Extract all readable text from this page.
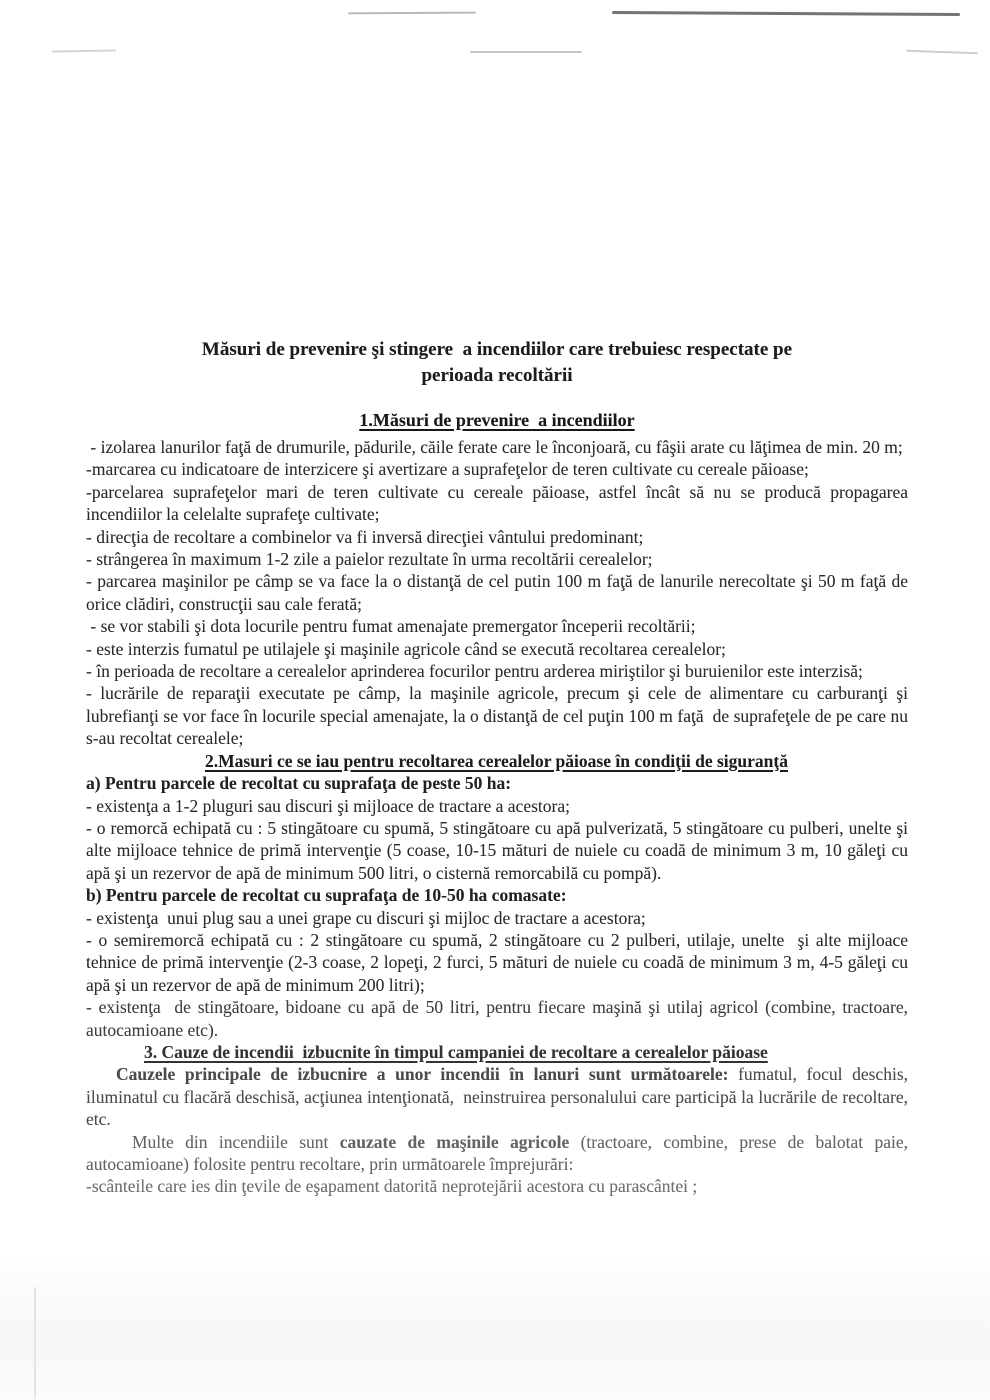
Măsuri de prevenire şi stingere  a incendiilor care trebuiesc respectate pe
perioada recoltării
1.Măsuri de prevenire  a incendiilor

- izolarea lanurilor faţă de drumurile, pădurile, căile ferate care le înconjoară, cu fâşii arate cu lăţimea de min. 20 m;

-marcarea cu indicatoare de interzicere şi avertizare a suprafeţelor de teren cultivate cu cereale păioase;

-parcelarea suprafeţelor mari de teren cultivate cu cereale păioase, astfel încât să nu se producă propagarea incendiilor la celelalte suprafeţe cultivate;

- direcţia de recoltare a combinelor va fi inversă direcţiei vântului predominant;

- strângerea în maximum 1-2 zile a paielor rezultate în urma recoltării cerealelor;

- parcarea maşinilor pe câmp se va face la o distanţă de cel putin 100 m faţă de lanurile nerecoltate şi 50 m faţă de orice clădiri, construcţii sau cale ferată;

- se vor stabili şi dota locurile pentru fumat amenajate premergator începerii recoltării;

- este interzis fumatul pe utilajele şi maşinile agricole când se execută recoltarea cerealelor;

- în perioada de recoltare a cerealelor aprinderea focurilor pentru arderea miriştilor şi buruienilor este interzisă;

- lucrările de reparaţii executate pe câmp, la maşinile agricole, precum şi cele de alimentare cu carburanţi şi lubrefianţi se vor face în locurile special amenajate, la o distanţă de cel puţin 100 m faţă  de suprafeţele de pe care nu s-au recoltat cerealele;

2.Masuri ce se iau pentru recoltarea cerealelor păioase în condiţii de siguranţă

a) Pentru parcele de recoltat cu suprafaţa de peste 50 ha:

- existenţa a 1-2 pluguri sau discuri şi mijloace de tractare a acestora;

- o remorcă echipată cu : 5 stingătoare cu spumă, 5 stingătoare cu apă pulverizată, 5 stingătoare cu pulberi, unelte şi alte mijloace tehnice de primă intervenţie (5 coase, 10-15 mături de nuiele cu coadă de minimum 3 m, 10 găleţi cu apă şi un rezervor de apă de minimum 500 litri, o cisternă remorcabilă cu pompă).

b) Pentru parcele de recoltat cu suprafaţa de 10-50 ha comasate:

- existenţa  unui plug sau a unei grape cu discuri şi mijloc de tractare a acestora;

- o semiremorcă echipată cu : 2 stingătoare cu spumă, 2 stingătoare cu 2 pulberi, utilaje, unelte  şi alte mijloace tehnice de primă intervenţie (2-3 coase, 2 lopeţi, 2 furci, 5 mături de nuiele cu coadă de minimum 3 m, 4-5 găleţi cu apă şi un rezervor de apă de minimum 200 litri);

- existenţa  de stingătoare, bidoane cu apă de 50 litri, pentru fiecare maşină şi utilaj agricol (combine, tractoare, autocamioane etc).

3. Cauze de incendii  izbucnite în timpul campaniei de recoltare a cerealelor păioase

Cauzele principale de izbucnire a unor incendii în lanuri sunt următoarele: fumatul, focul deschis, iluminatul cu flacără deschisă, acţiunea intenţionată,  neinstruirea personalului care participă la lucrările de recoltare, etc.

Multe din incendiile sunt cauzate de maşinile agricole (tractoare, combine, prese de balotat paie, autocamioane) folosite pentru recoltare, prin următoarele împrejurări:

-scânteile care ies din ţevile de eşapament datorită neprotejării acestora cu parascântei ;
